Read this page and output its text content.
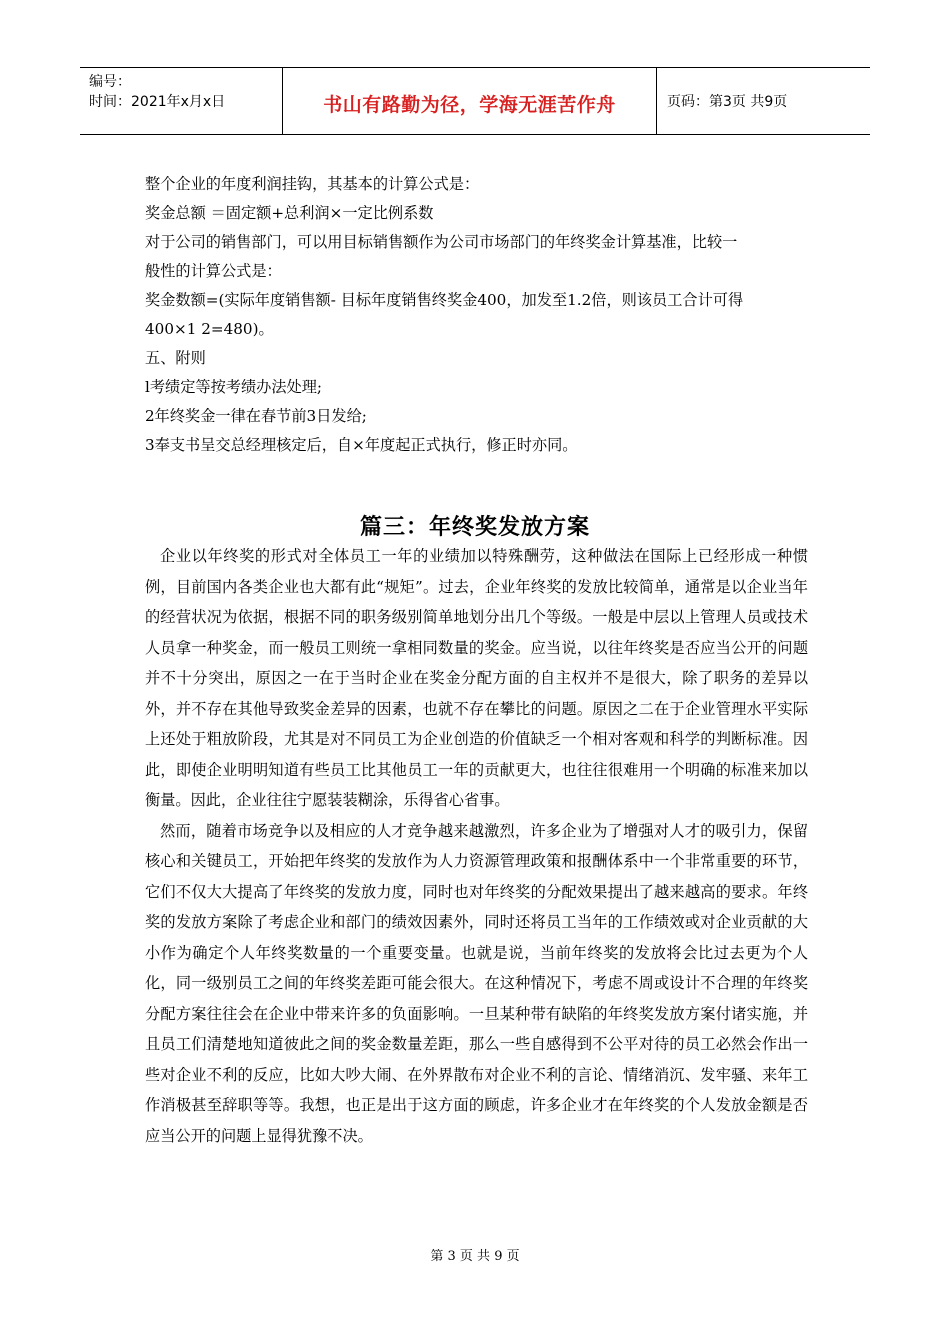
编号：
时间：2021年x月x日	书山有路勤为径，学海无涯苦作舟	页码：第3页 共9页

整个企业的年度利润挂钩，其基本的计算公式是：

奖金总额 ＝固定额+总利润×一定比例系数

对于公司的销售部门，可以用目标销售额作为公司市场部门的年终奖金计算基准，比较一

般性的计算公式是：

奖金数额=(实际年度销售额- 目标年度销售终奖金400，加发至1.2倍，则该员工合计可得

400×1 2=480)。

五、附则

l考绩定等按考绩办法处理;

2年终奖金一律在春节前3日发给;

3奉支书呈交总经理核定后，自×年度起正式执行，修正时亦同。

篇三：年终奖发放方案

企业以年终奖的形式对全体员工一年的业绩加以特殊酬劳，这种做法在国际上已经形成一种惯例，目前国内各类企业也大都有此“规矩”。过去，企业年终奖的发放比较简单，通常是以企业当年的经营状况为依据，根据不同的职务级别简单地划分出几个等级。一般是中层以上管理人员或技术人员拿一种奖金，而一般员工则统一拿相同数量的奖金。应当说，以往年终奖是否应当公开的问题并不十分突出，原因之一在于当时企业在奖金分配方面的自主权并不是很大，除了职务的差异以外，并不存在其他导致奖金差异的因素，也就不存在攀比的问题。原因之二在于企业管理水平实际上还处于粗放阶段，尤其是对不同员工为企业创造的价值缺乏一个相对客观和科学的判断标准。因此，即使企业明明知道有些员工比其他员工一年的贡献更大，也往往很难用一个明确的标准来加以衡量。因此，企业往往宁愿装装糊涂，乐得省心省事。

然而，随着市场竞争以及相应的人才竞争越来越激烈，许多企业为了增强对人才的吸引力，保留核心和关键员工，开始把年终奖的发放作为人力资源管理政策和报酬体系中一个非常重要的环节，它们不仅大大提高了年终奖的发放力度，同时也对年终奖的分配效果提出了越来越高的要求。年终奖的发放方案除了考虑企业和部门的绩效因素外，同时还将员工当年的工作绩效或对企业贡献的大小作为确定个人年终奖数量的一个重要变量。也就是说，当前年终奖的发放将会比过去更为个人化，同一级别员工之间的年终奖差距可能会很大。在这种情况下，考虑不周或设计不合理的年终奖分配方案往往会在企业中带来许多的负面影响。一旦某种带有缺陷的年终奖发放方案付诸实施，并且员工们清楚地知道彼此之间的奖金数量差距，那么一些自感得到不公平对待的员工必然会作出一些对企业不利的反应，比如大吵大闹、在外界散布对企业不利的言论、情绪消沉、发牢骚、来年工作消极甚至辞职等等。我想，也正是出于这方面的顾虑，许多企业才在年终奖的个人发放金额是否应当公开的问题上显得犹豫不决。

第 3 页 共 9 页
